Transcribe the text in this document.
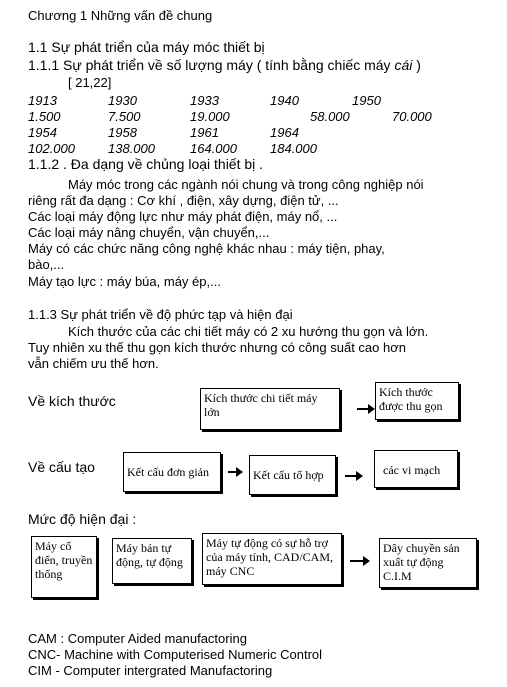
Chương 1 Những vấn đề chung
1.1 Sự phát triển của máy móc thiết bị
1.1.1 Sự phát triển về số lượng máy ( tính bằng chiếc máy cái )
[ 21,22]
1913	1930	1933	1940	1950
1.500	7.500	19.000	58.000	70.000
1954	1958	1961	1964
102.000	138.000	164.000	184.000
1.1.2 . Đa dạng về chủng loại thiết bị .
Máy móc trong các ngành nói chung và trong công nghiệp nói
riêng rất đa dạng : Cơ khí , điện, xây dựng, điện tử, ...
Các loại máy động lực như máy phát điện, máy nổ, ...
Các loại máy nâng chuyển, vận chuyển,...
Máy có các chức năng công nghệ khác nhau : máy tiện, phay,
bào,...
Máy tạo lực : máy búa, máy ép,...
1.1.3 Sự phát triển về độ phức tạp và hiện đại
Kích thước của các chi tiết máy có 2 xu hướng thu gọn và lớn.
Tuy nhiên xu thế thu gọn kích thước nhưng có công suất cao hơn
vẫn chiếm ưu thế hơn.
Về kích thước	Kích thước chi tiết máy lớn
Kích thước được thu gọn
Về cấu tạo	Kết cấu đơn giản	Kết cấu tổ hợp	các vi mạch
Mức độ hiện đại :
Máy cổ điển, truyền thống
Máy bán tự động, tự động
Máy tự động có sự hỗ trợ của máy tính, CAD/CAM, máy CNC
Dây chuyền sản xuất tự động C.I.M
CAM : Computer Aided manufactoring
CNC- Machine with Computerised Numeric Control
CIM - Computer intergrated Manufactoring
